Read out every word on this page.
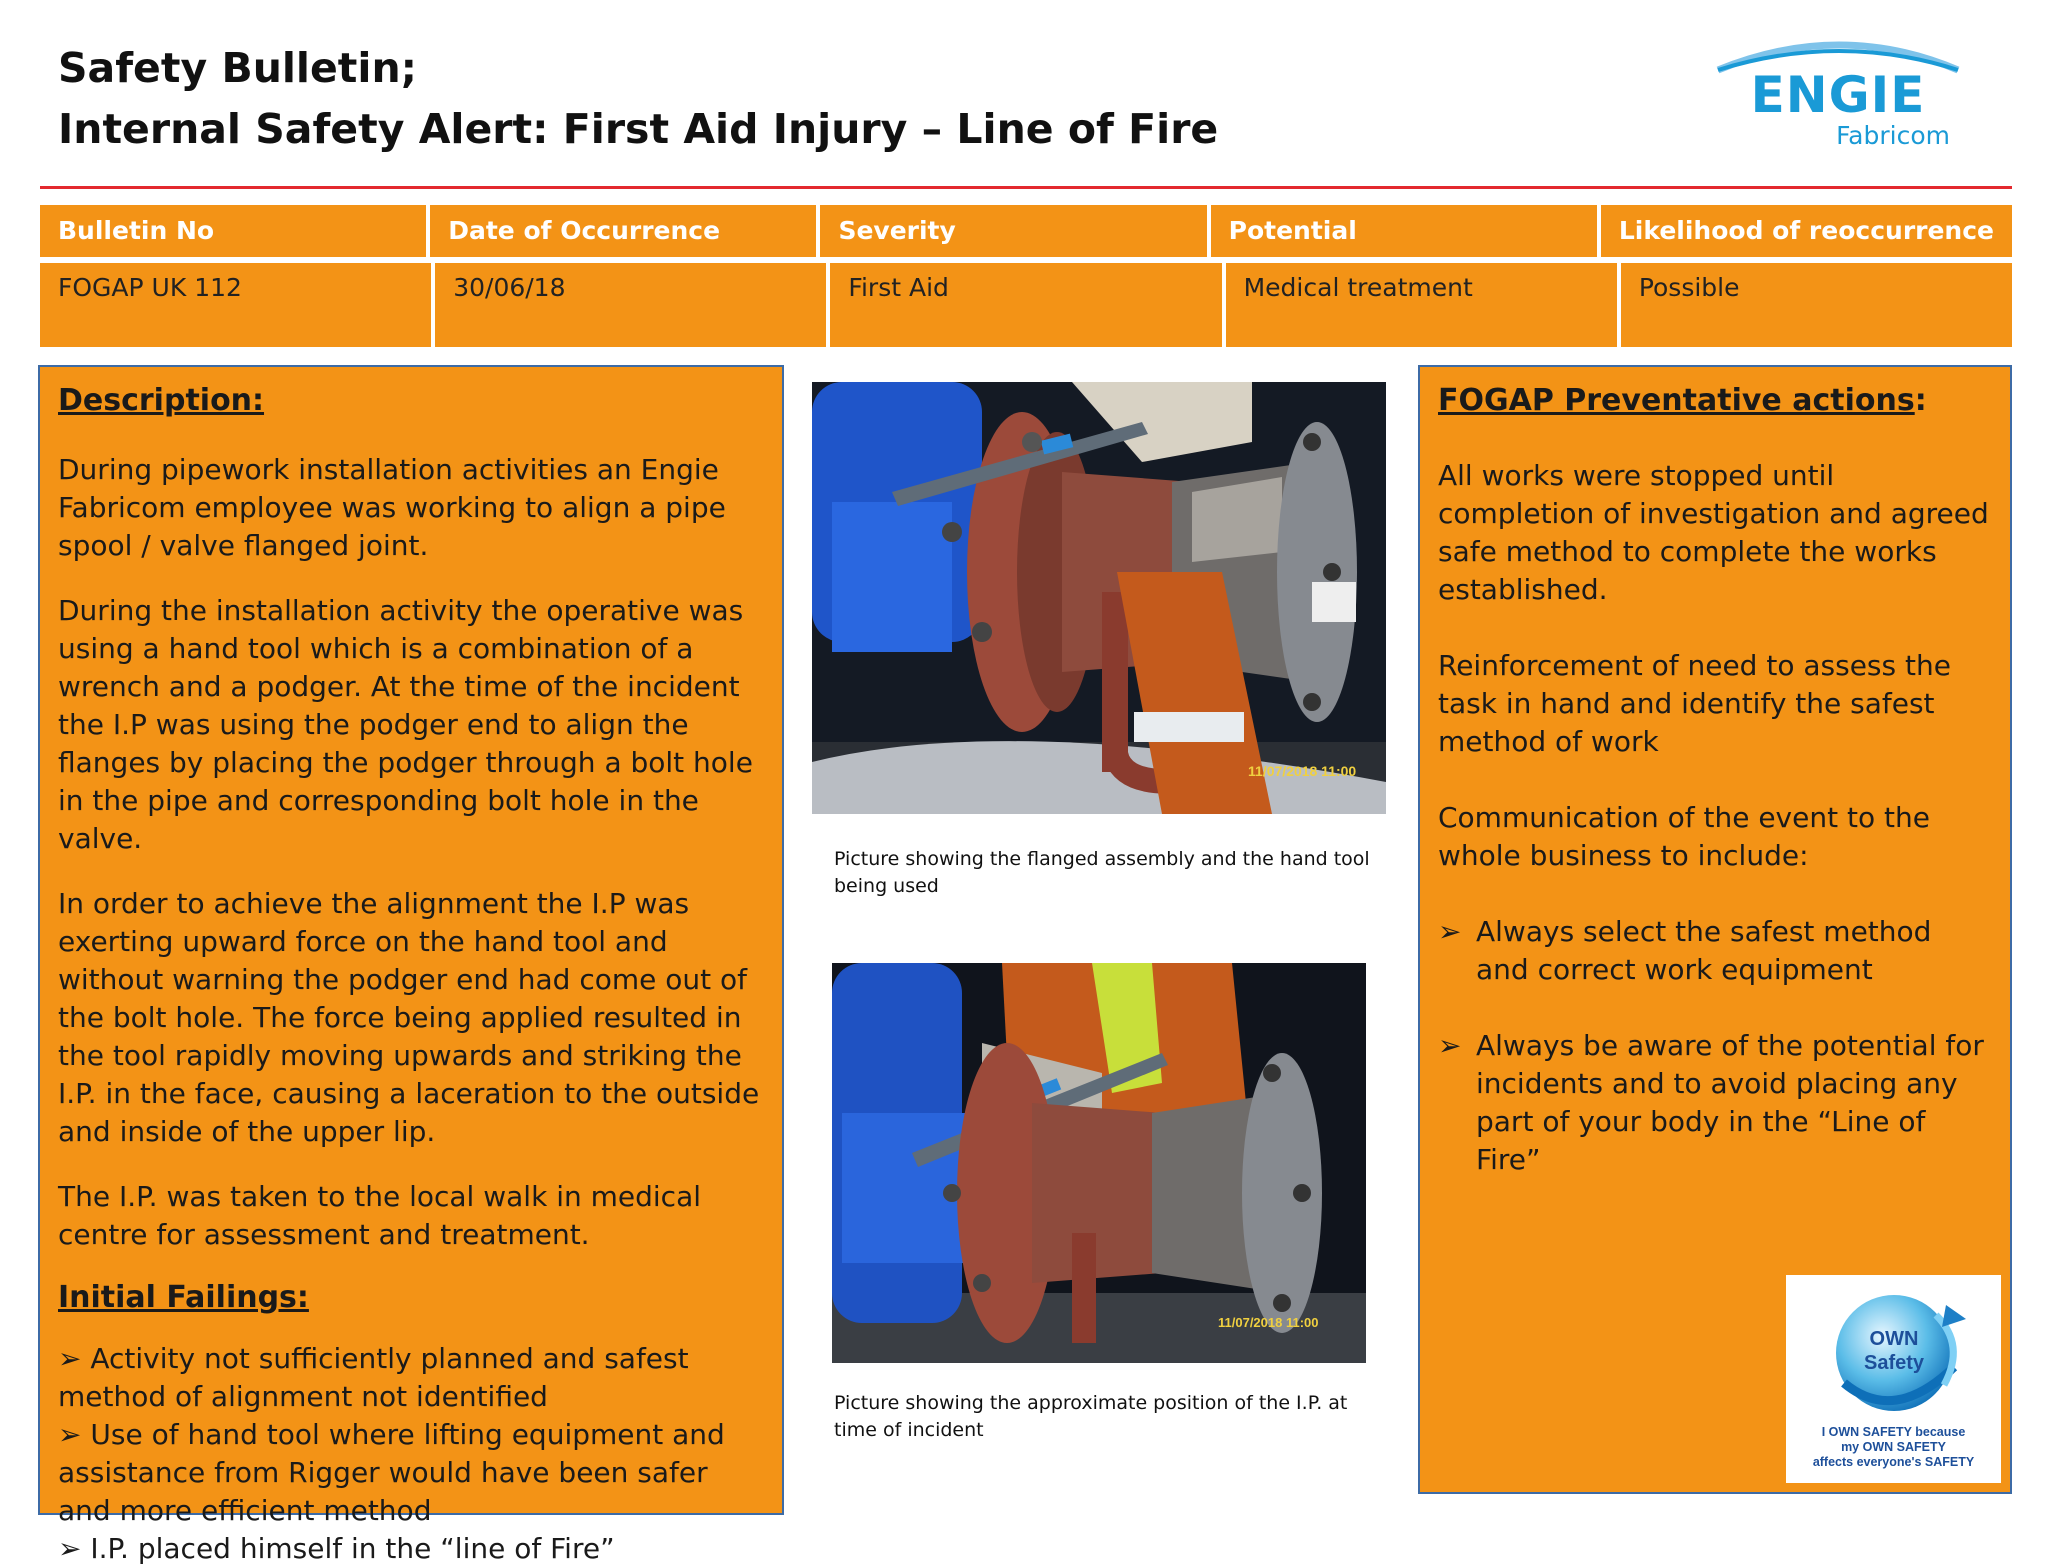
Safety Bulletin;
Internal Safety Alert: First Aid Injury – Line of Fire
ENGIE
Fabricom
Bulletin No	Date of Occurrence	Severity	Potential	Likelihood of reoccurrence
FOGAP UK 112	30/06/18	First Aid	Medical treatment	Possible

Description:

During pipework installation activities an Engie Fabricom employee was working to align a pipe spool / valve flanged joint.

During the installation activity the operative was using a hand tool which is a combination of a wrench and a podger. At the time of the incident the I.P was using the podger end to align the flanges by placing the podger through a bolt hole in the pipe and corresponding bolt hole in the valve.

In order to achieve the alignment the I.P was exerting upward force on the hand tool and without warning the podger end had come out of the bolt hole. The force being applied resulted in the tool rapidly moving upwards and striking the I.P. in the face, causing a laceration to the outside and inside of the upper lip.

The I.P. was taken to the local walk in medical centre for assessment and treatment.

Initial Failings:

➢ Activity not sufficiently planned and safest method of alignment not identified

➢ Use of hand tool where lifting equipment and assistance from Rigger would have been safer and more efficient method

➢ I.P. placed himself in the “line of Fire”

11/07/2018 11:00
Picture showing the flanged assembly and the hand tool being used
11/07/2018 11:00
Picture showing the approximate position of the I.P. at time of incident

FOGAP Preventative actions:

All works were stopped until completion of investigation and agreed safe method to complete the works established.

Reinforcement of need to assess the task in hand and identify the safest method of work

Communication of the event to the whole business to include:

➢ Always select the safest method and correct work equipment
➢ Always be aware of the potential for incidents and to avoid placing any part of your body in the “Line of Fire”
OWN
Safety
I OWN SAFETY because
my OWN SAFETY
affects everyone's SAFETY
